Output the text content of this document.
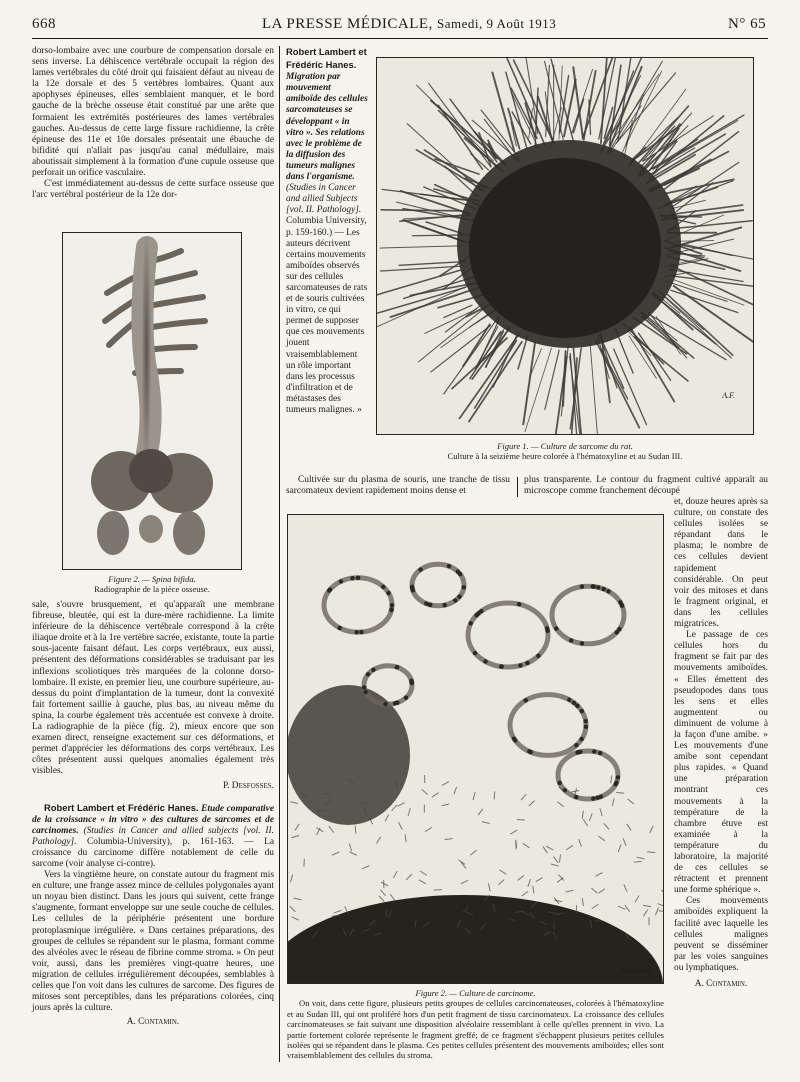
668	LA PRESSE MÉDICALE, Samedi, 9 Août 1913	N° 65

dorso-lombaire avec une courbure de compensation dorsale en sens inverse. La déhiscence vertébrale occupait la région des lames vertébrales du côté droit qui faisaient défaut au niveau de la 12e dorsale et des 5 vertèbres lombaires. Quant aux apophyses épineuses, elles semblaient manquer, et le bord gauche de la brèche osseuse était constitué par une arête que formaient les extrémités postérieures des lames vertébrales gauches. Au-dessus de cette large fissure rachidienne, la crête épineuse des 11e et 10e dorsales présentait une ébauche de bifidité qui n'allait pas jusqu'au canal médullaire, mais aboutissait simplement à la formation d'une cupule osseuse que perforait un orifice vasculaire.

C'est immédiatement au-dessus de cette surface osseuse que l'arc vertébral postérieur de la 12e dor-

Figure 2. — Spina bifida.
Radiographie de la pièce osseuse.

sale, s'ouvre brusquement, et qu'apparaît une membrane fibreuse, bleutée, qui est la dure-mère rachidienne. La limite inférieure de la déhiscence vertébrale correspond à la crête iliaque droite et à la 1re vertèbre sacrée, existante, toute la partie sous-jacente faisant défaut. Les corps vertébraux, eux aussi, présentent des déformations considérables se traduisant par les inflexions scoliotiques très marquées de la colonne dorso-lombaire. Il existe, en premier lieu, une courbure supérieure, au-dessus du point d'implantation de la tumeur, dont la convexité fait fortement saillie à gauche, plus bas, au niveau même du spina, la courbe également très accentuée est convexe à droite. La radiographie de la pièce (fig. 2), mieux encore que son examen direct, renseigne exactement sur ces déformations, et permet d'apprécier les déformations des corps vertébraux. Les côtes présentent aussi quelques anomalies également très visibles.

P. Desfosses.

Robert Lambert et Frédéric Hanes. Etude comparative de la croissance « in vitro » des cultures de sarcomes et de carcinomes. (Studies in Cancer and allied subjects [vol. II. Pathology]. Columbia-University), p. 161-163. — La croissance du carcinome diffère notablement de celle du sarcome (voir analyse ci-contre).

Vers la vingtième heure, on constate autour du fragment mis en culture, une frange assez mince de cellules polygonales ayant un noyau bien distinct. Dans les jours qui suivent, cette frange s'augmente, formant enveloppe sur une seule couche de cellules. Les cellules de la périphérie présentent une bordure protoplasmique irrégulière. « Dans certaines préparations, des groupes de cellules se répandent sur le plasma, formant comme des alvéoles avec le réseau de fibrine comme stroma. » On peut voir, aussi, dans les premières vingt-quatre heures, une migration de cellules irrégulièrement découpées, semblables à celles que l'on voit dans les cultures de sarcome. Des figures de mitoses sont perceptibles, dans les préparations colorées, cinq jours après la culture.

A. Contamin.

Robert Lambert et Frédéric Hanes. Migration par mouvement amiboïde des cellules sarcomateuses se développant « in vitro ». Ses relations avec le problème de la diffusion des tumeurs malignes dans l'organisme. (Studies in Cancer and allied Subjects [vol. II. Pathology]. Columbia University, p. 159-160.) — Les auteurs décrivent certains mouvements amiboïdes observés sur des cellules sarcomateuses de rats et de souris cultivées in vitro, ce qui permet de supposer que ces mouvements jouent vraisemblablement un rôle important dans les processus d'infiltration et de métastases des tumeurs malignes. »

A.F.
Figure 1. — Culture de sarcome du rat.
Culture à la seizième heure colorée à l'hématoxyline et au Sudan III.

Cultivée sur du plasma de souris, une tranche de tissu sarcomateux devient rapidement moins dense et

plus transparente. Le contour du fragment cultivé apparaît au microscope comme franchement découpé

Afoinbero
Figure 2. — Culture de carcinome.

On voit, dans cette figure, plusieurs petits groupes de cellules carcinomateuses, colorées à l'hématoxyline et au Sudan III, qui ont proliféré hors d'un petit fragment de tissu carcinomateux. La croissance des cellules carcinomateuses se fait suivant une disposition alvéolaire ressemblant à celle qu'elles prennent in vivo. La partie fortement colorée représente le fragment greffé; de ce fragment s'échappent plusieurs petites cellules isolées qui se répandent dans le plasma. Ces petites cellules présentent des mouvements amiboïdes; elles sont vraisemblablement des cellules du stroma.

et, douze heures après sa culture, on constate des cellules isolées se répandant dans le plasma; le nombre de ces cellules devient rapidement considérable. On peut voir des mitoses et dans le fragment original, et dans les cellules migratrices.

Le passage de ces cellules hors du fragment se fait par des mouvements amiboïdes. « Elles émettent des pseudopodes dans tous les sens et elles augmentent ou diminuent de volume à la façon d'une amibe. » Les mouvements d'une amibe sont cependant plus rapides. « Quand une préparation montrant ces mouvements à la température de la chambre étuve est examinée à la température du laboratoire, la majorité de ces cellules se rétractent et prennent une forme sphérique ».

Ces mouvements amiboïdes expliquent la facilité avec laquelle les cellules malignes peuvent se disséminer par les voies sanguines ou lymphatiques.

A. Contamin.
